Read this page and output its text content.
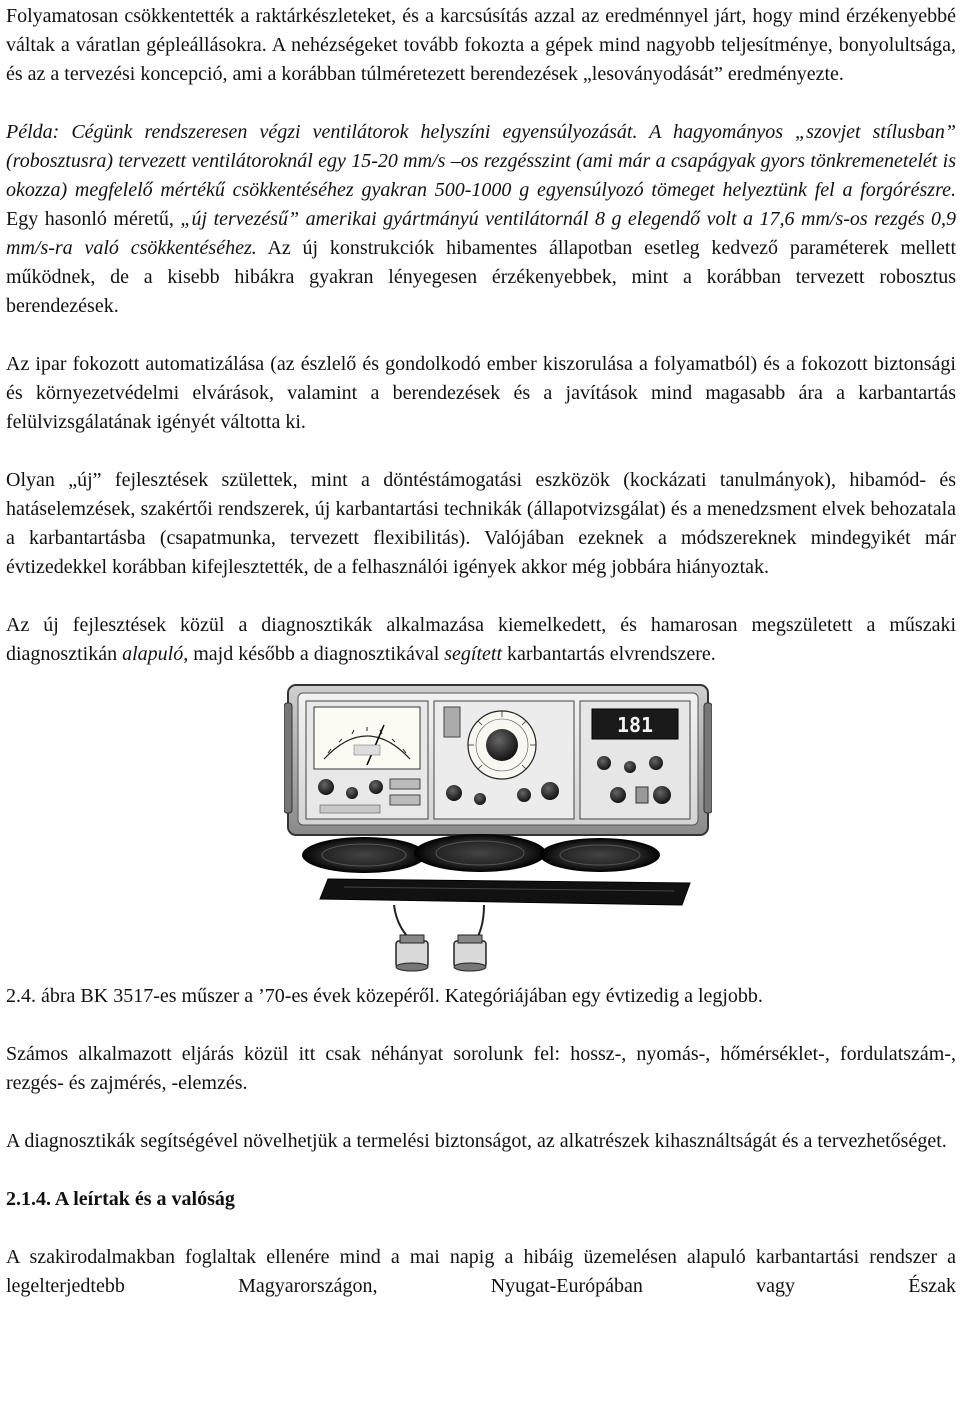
Folyamatosan csökkentették a raktárkészleteket, és a karcsúsítás azzal az eredménnyel járt, hogy mind érzékenyebbé váltak a váratlan gépleállásokra. A nehézségeket tovább fokozta a gépek mind nagyobb teljesítménye, bonyolultsága, és az a tervezési koncepció, ami a korábban túlméretezett berendezések „lesoványodását” eredményezte.

Példa: Cégünk rendszeresen végzi ventilátorok helyszíni egyensúlyozását. A hagyományos „szovjet stílusban” (robosztusra) tervezett ventilátoroknál egy 15-20 mm/s –os rezgésszint (ami már a csapágyak gyors tönkremenetelét is okozza) megfelelő mértékű csökkentéséhez gyakran 500-1000 g egyensúlyozó tömeget helyeztünk fel a forgórészre. Egy hasonló méretű, „új tervezésű” amerikai gyártmányú ventilátornál 8 g elegendő volt a 17,6 mm/s-os rezgés 0,9 mm/s-ra való csökkentéséhez. Az új konstrukciók hibamentes állapotban esetleg kedvező paraméterek mellett működnek, de a kisebb hibákra gyakran lényegesen érzékenyebbek, mint a korábban tervezett robosztus berendezések.

Az ipar fokozott automatizálása (az észlelő és gondolkodó ember kiszorulása a folyamatból) és a fokozott biztonsági és környezetvédelmi elvárások, valamint a berendezések és a javítások mind magasabb ára a karbantartás felülvizsgálatának igényét váltotta ki.

Olyan „új” fejlesztések születtek, mint a döntéstámogatási eszközök (kockázati tanulmányok), hibamód- és hatáselemzések, szakértői rendszerek, új karbantartási technikák (állapotvizsgálat) és a menedzsment elvek behozatala a karbantartásba (csapatmunka, tervezett flexibilitás). Valójában ezeknek a módszereknek mindegyikét már évtizedekkel korábban kifejlesztették, de a felhasználói igények akkor még jobbára hiányoztak.

Az új fejlesztések közül a diagnosztikák alkalmazása kiemelkedett, és hamarosan megszületett a műszaki diagnosztikán alapuló, majd később a diagnosztikával segített karbantartás elvrendszere.

181

2.4. ábra BK 3517-es műszer a ’70-es évek közepéről. Kategóriájában egy évtizedig a legjobb.

Számos alkalmazott eljárás közül itt csak néhányat sorolunk fel: hossz-, nyomás-, hőmérséklet-, fordulatszám-, rezgés- és zajmérés, -elemzés.

A diagnosztikák segítségével növelhetjük a termelési biztonságot, az alkatrészek kihasználtságát és a tervezhetőséget.

2.1.4. A leírtak és a valóság

A szakirodalmakban foglaltak ellenére mind a mai napig a hibáig üzemelésen alapuló karbantartási rendszer a legelterjedtebb Magyarországon, Nyugat-Európában vagy Észak
